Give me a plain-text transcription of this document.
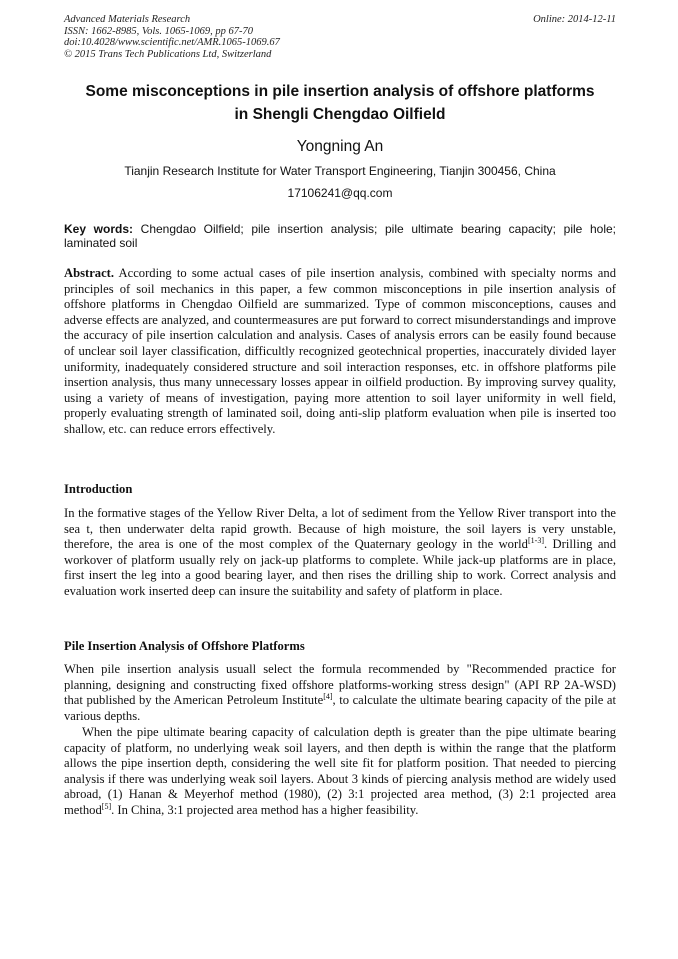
Advanced Materials Research
ISSN: 1662-8985, Vols. 1065-1069, pp 67-70
doi:10.4028/www.scientific.net/AMR.1065-1069.67
© 2015 Trans Tech Publications Ltd, Switzerland
Online: 2014-12-11
Some misconceptions in pile insertion analysis of offshore platforms
in Shengli Chengdao Oilfield
Yongning An
Tianjin Research Institute for Water Transport Engineering, Tianjin 300456, China
17106241@qq.com
Key words: Chengdao Oilfield; pile insertion analysis; pile ultimate bearing capacity; pile hole; laminated soil

Abstract. According to some actual cases of pile insertion analysis, combined with specialty norms and principles of soil mechanics in this paper, a few common misconceptions in pile insertion analysis of offshore platforms in Chengdao Oilfield are summarized. Type of common misconceptions, causes and adverse effects are analyzed, and countermeasures are put forward to correct misunderstandings and improve the accuracy of pile insertion calculation and analysis. Cases of analysis errors can be easily found because of unclear soil layer classification, difficultly recognized geotechnical properties, inaccurately divided layer uniformity, inadequately considered structure and soil interaction responses, etc. in offshore platforms pile insertion analysis, thus many unnecessary losses appear in oilfield production. By improving survey quality, using a variety of means of investigation, paying more attention to soil layer uniformity in well field, properly evaluating strength of laminated soil, doing anti-slip platform evaluation when pile is inserted too shallow, etc. can reduce errors effectively.

Introduction

In the formative stages of the Yellow River Delta, a lot of sediment from the Yellow River transport into the sea t, then underwater delta rapid growth. Because of high moisture, the soil layers is very unstable, therefore, the area is one of the most complex of the Quaternary geology in the world[1-3]. Drilling and workover of platform usually rely on jack-up platforms to complete. While jack-up platforms are in place, first insert the leg into a good bearing layer, and then rises the drilling ship to work. Correct analysis and evaluation work inserted deep can insure the suitability and safety of platform in place.

Pile Insertion Analysis of Offshore Platforms

When pile insertion analysis usuall select the formula recommended by "Recommended practice for planning, designing and constructing fixed offshore platforms-working stress design" (API RP 2A-WSD) that published by the American Petroleum Institute[4], to calculate the ultimate bearing capacity of the pile at various depths.

When the pipe ultimate bearing capacity of calculation depth is greater than the pipe ultimate bearing capacity of platform, no underlying weak soil layers, and then depth is within the range that the platform allows the pipe insertion depth, considering the well site fit for platform position. That needed to piercing analysis if there was underlying weak soil layers. About 3 kinds of piercing analysis method are widely used abroad, (1) Hanan & Meyerhof method (1980), (2) 3:1 projected area method, (3) 2:1 projected area method[5]. In China, 3:1 projected area method has a higher feasibility.
